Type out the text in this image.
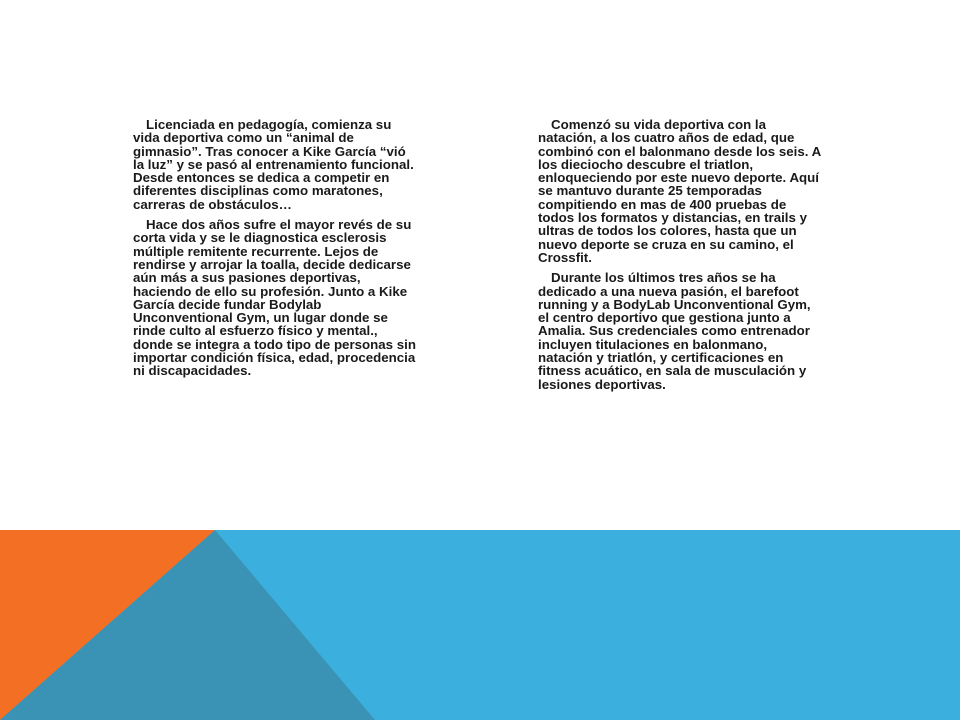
Licenciada en pedagogía, comienza su vida deportiva como un “animal de gimnasio”. Tras conocer a Kike García “vió la luz” y se pasó al entrenamiento funcional. Desde entonces se dedica a competir en diferentes disciplinas como maratones, carreras de obstáculos…

Hace dos años sufre el mayor revés de su corta vida y se le diagnostica esclerosis múltiple remitente recurrente. Lejos de rendirse y arrojar la toalla, decide dedicarse aún más a sus pasiones deportivas, haciendo de ello su profesión. Junto a Kike García decide fundar Bodylab Unconventional Gym, un lugar donde se rinde culto al esfuerzo físico y mental., donde se integra a todo tipo de personas sin importar condición física, edad, procedencia ni discapacidades.

Comenzó su vida deportiva con la natación, a los cuatro años de edad, que combinó con el balonmano desde los seis. A los dieciocho descubre el triatlon, enloqueciendo por este nuevo deporte. Aquí se mantuvo durante 25 temporadas compitiendo en mas de 400 pruebas de todos los formatos y distancias, en trails y ultras de todos los colores, hasta que un nuevo deporte se cruza en su camino, el Crossfit.

Durante los últimos tres años se ha dedicado a una nueva pasión, el barefoot running y a BodyLab Unconventional Gym, el centro deportivo que gestiona junto a Amalia. Sus credenciales como entrenador incluyen titulaciones en balonmano, natación y triatlón, y certificaciones en fitness acuático, en sala de musculación y lesiones deportivas.
